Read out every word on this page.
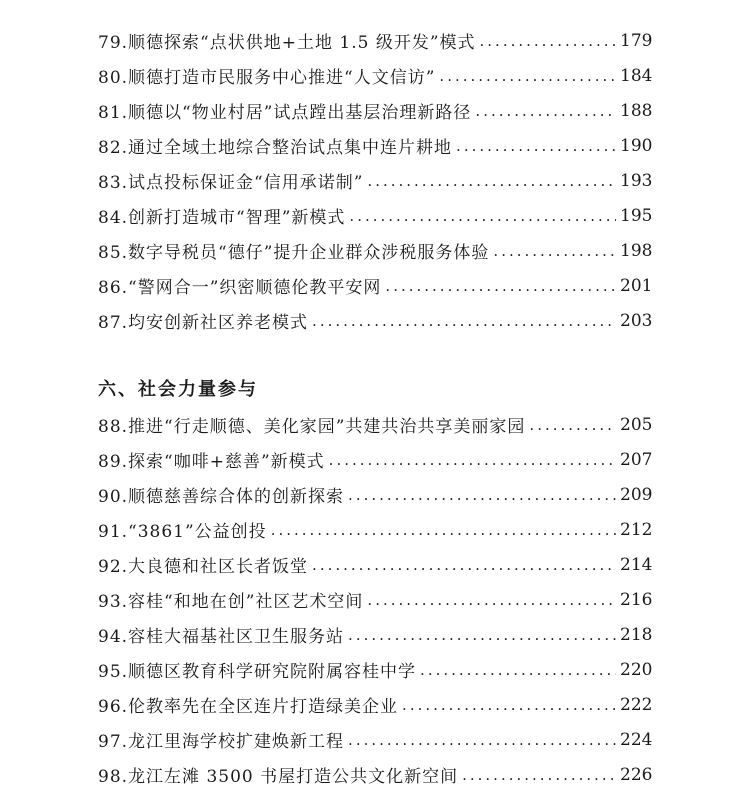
79.顺德探索“点状供地+土地 1.5 级开发”模式 .....	179
80.顺德打造市民服务中心推进“人文信访” .....	184
81.顺德以“物业村居”试点蹚出基层治理新路径 .....	188
82.通过全域土地综合整治试点集中连片耕地 .....	190
83.试点投标保证金“信用承诺制” .....	193
84.创新打造城市“智理”新模式 .....	195
85.数字导税员“德仔”提升企业群众涉税服务体验 .....	198
86.“警网合一”织密顺德伦教平安网 .....	201
87.均安创新社区养老模式 .....	203
六、社会力量参与
88.推进“行走顺德、美化家园”共建共治共享美丽家园 .....	205
89.探索“咖啡+慈善”新模式 .....	207
90.顺德慈善综合体的创新探索 .....	209
91.“3861”公益创投 .....	212
92.大良德和社区长者饭堂 .....	214
93.容桂“和地在创”社区艺术空间 .....	216
94.容桂大福基社区卫生服务站 .....	218
95.顺德区教育科学研究院附属容桂中学 .....	220
96.伦教率先在全区连片打造绿美企业 .....	222
97.龙江里海学校扩建焕新工程 .....	224
98.龙江左滩 3500 书屋打造公共文化新空间 .....	226
